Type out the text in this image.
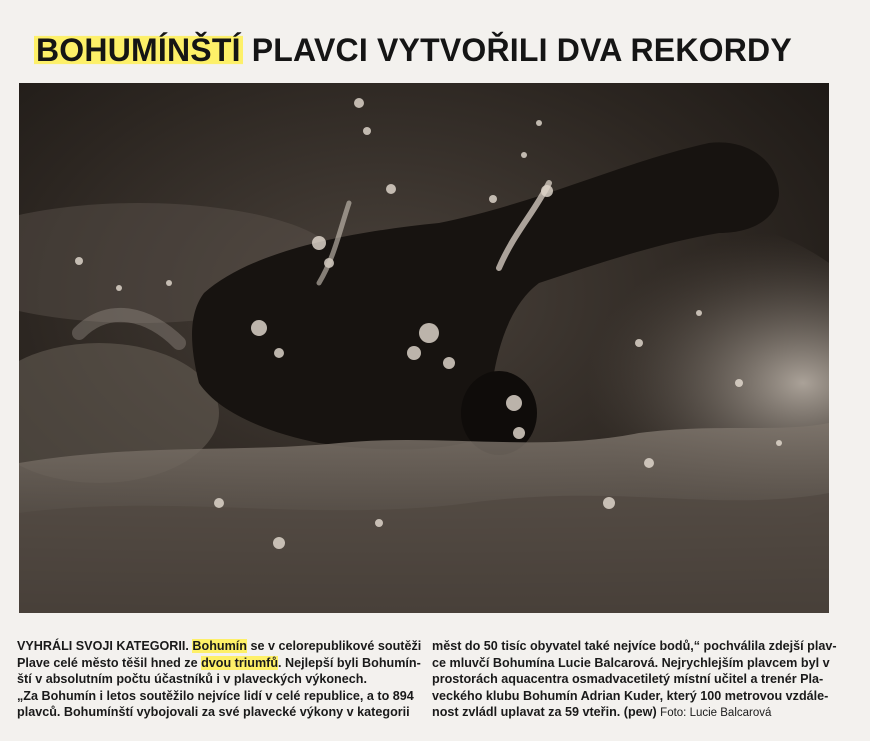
BOHUMÍNŠTÍ PLAVCI VYTVOŘILI DVA REKORDY
VYHRÁLI SVOJI KATEGORII. Bohumín se v celorepublikové soutěži
Plave celé město těšil hned ze dvou triumfů. Nejlepší byli Bohumín-
ští v absolutním počtu účastníků i v plaveckých výkonech.
„Za Bohumín i letos soutěžilo nejvíce lidí v celé republice, a to 894
plavců. Bohumínští vybojovali za své plavecké výkony v kategorii
měst do 50 tisíc obyvatel také nejvíce bodů,“ pochválila zdejší plav-
ce mluvčí Bohumína Lucie Balcarová. Nejrychlejším plavcem byl v
prostorách aquacentra osmadvacetiletý místní učitel a trenér Pla-
veckého klubu Bohumín Adrian Kuder, který 100 metrovou vzdále-
nost zvládl uplavat za 59 vteřin. (pew) Foto: Lucie Balcarová
